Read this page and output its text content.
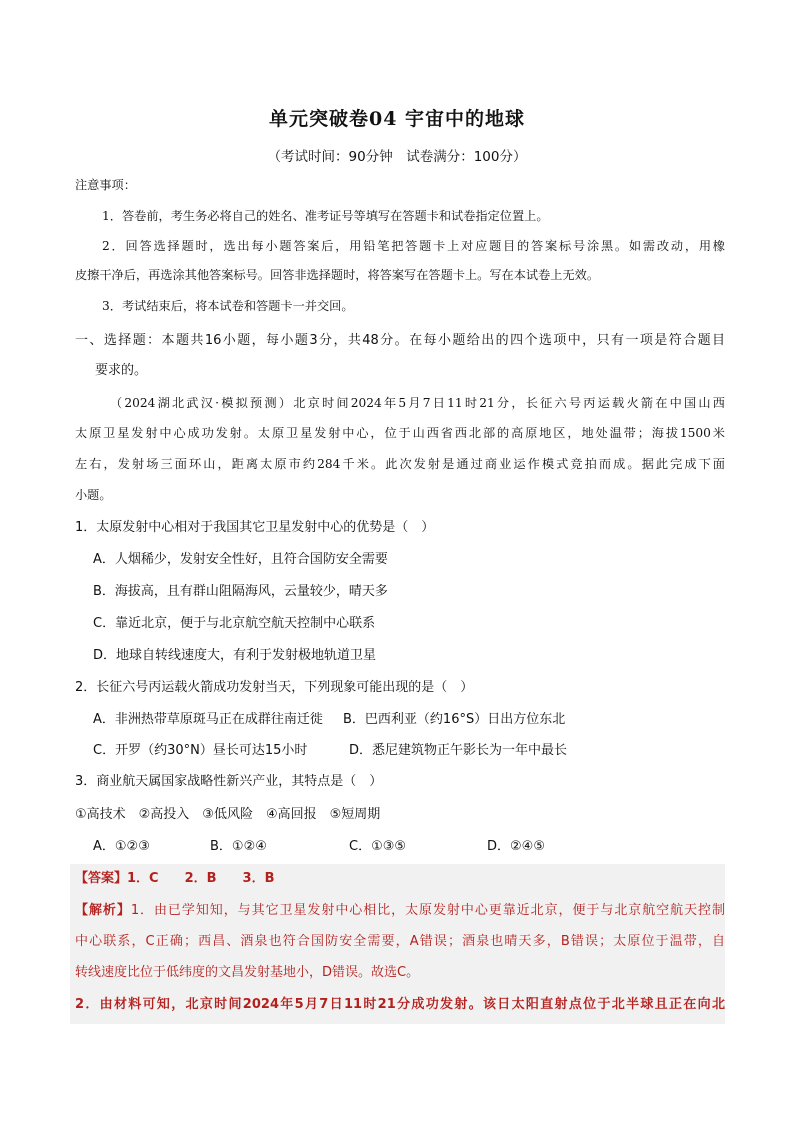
单元突破卷04 宇宙中的地球
（考试时间：90分钟　试卷满分：100分）
注意事项：
1．答卷前，考生务必将自己的姓名、准考证号等填写在答题卡和试卷指定位置上。
2．回答选择题时，选出每小题答案后，用铅笔把答题卡上对应题目的答案标号涂黑。如需改动，用橡
皮擦干净后，再选涂其他答案标号。回答非选择题时，将答案写在答题卡上。写在本试卷上无效。
3．考试结束后，将本试卷和答题卡一并交回。
一、选择题：本题共16小题，每小题3分，共48分。在每小题给出的四个选项中，只有一项是符合题目
要求的。
（2024湖北武汉·模拟预测）北京时间2024年5月7日11时21分，长征六号丙运载火箭在中国山西
太原卫星发射中心成功发射。太原卫星发射中心，位于山西省西北部的高原地区，地处温带；海拔1500米
左右，发射场三面环山，距离太原市约284千米。此次发射是通过商业运作模式竞拍而成。据此完成下面
小题。
1．太原发射中心相对于我国其它卫星发射中心的优势是（　）
A．人烟稀少，发射安全性好，且符合国防安全需要
B．海拔高，且有群山阻隔海风，云量较少，晴天多
C．靠近北京，便于与北京航空航天控制中心联系
D．地球自转线速度大，有利于发射极地轨道卫星
2．长征六号丙运载火箭成功发射当天，下列现象可能出现的是（　）
A．非洲热带草原斑马正在成群往南迁徙 B．巴西利亚（约16°S）日出方位东北
C．开罗（约30°N）昼长可达15小时	D．悉尼建筑物正午影长为一年中最长
3．商业航天属国家战略性新兴产业，其特点是（　）
①高技术　②高投入　③低风险　④高回报　⑤短周期
A．①②③	B．①②④	C．①③⑤	D．②④⑤
【答案】1．C　　2．B　　3．B
【解析】1．由已学知知，与其它卫星发射中心相比，太原发射中心更靠近北京，便于与北京航空航天控制
中心联系，C正确；西昌、酒泉也符合国防安全需要，A错误；酒泉也晴天多，B错误；太原位于温带，自
转线速度比位于低纬度的文昌发射基地小，D错误。故选C。
2．由材料可知，北京时间2024年5月7日11时21分成功发射。该日太阳直射点位于北半球且正在向北
